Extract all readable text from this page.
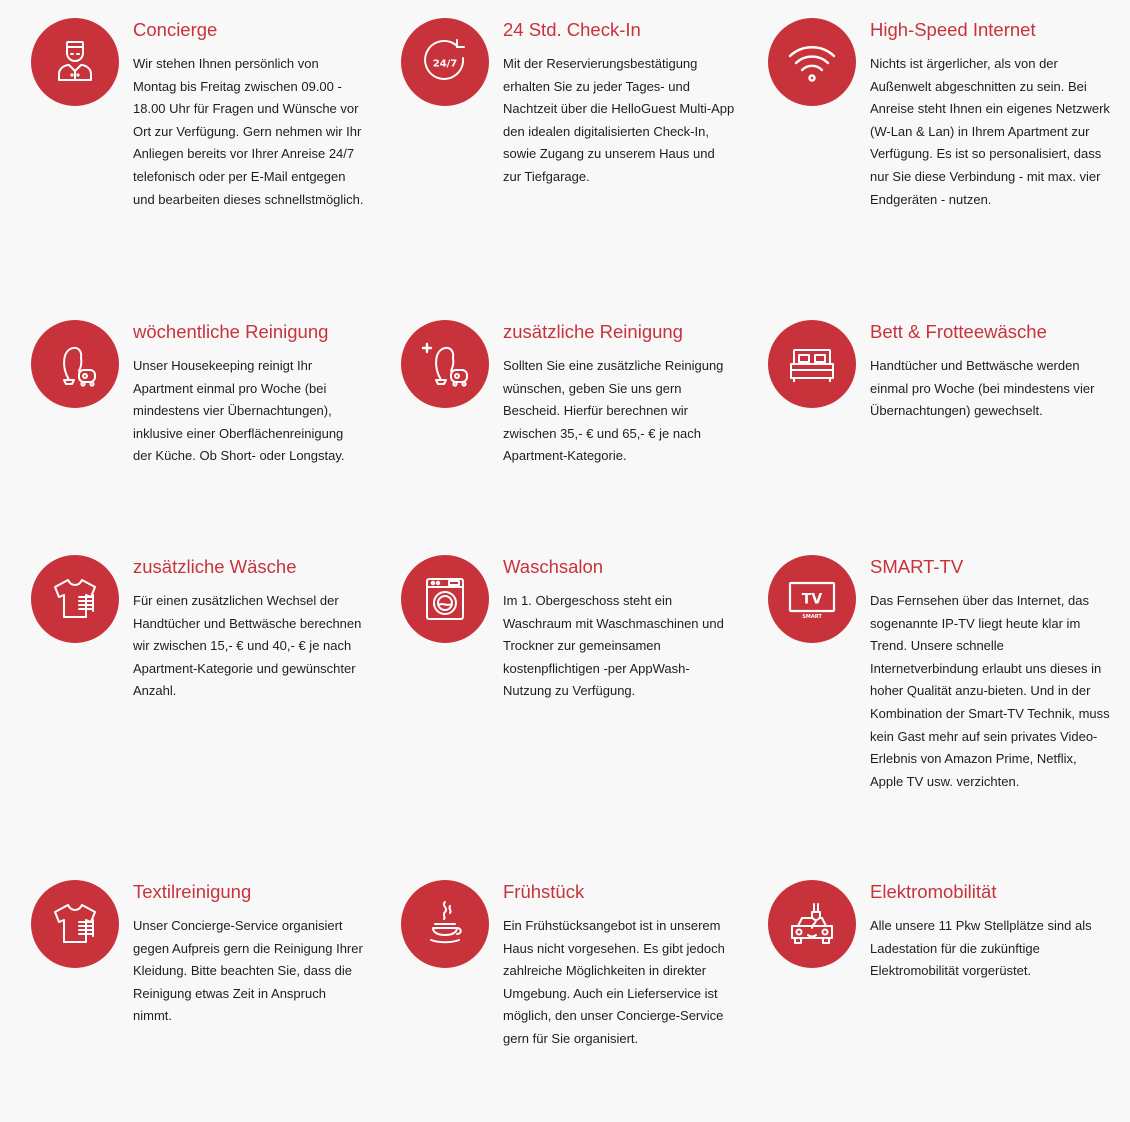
Concierge
Wir stehen Ihnen persönlich von Montag bis Freitag zwischen 09.00 - 18.00 Uhr für Fragen und Wünsche vor Ort zur Verfügung. Gern nehmen wir Ihr Anliegen bereits vor Ihrer Anreise 24/7 telefonisch oder per E-Mail entgegen und bearbeiten dieses schnellstmöglich.
24/7
24 Std. Check-In
Mit der Reservierungsbestätigung erhalten Sie zu jeder Tages- und Nachtzeit über die HelloGuest Multi-App den idealen digitalisierten Check-In, sowie Zugang zu unserem Haus und zur Tiefgarage.
High-Speed Internet
Nichts ist ärgerlicher, als von der Außenwelt abgeschnitten zu sein. Bei Anreise steht Ihnen ein eigenes Netzwerk (W-Lan & Lan) in Ihrem Apartment zur Verfügung. Es ist so personalisiert, dass nur Sie diese Verbindung - mit max. vier Endgeräten - nutzen.
wöchentliche Reinigung
Unser Housekeeping reinigt Ihr Apartment einmal pro Woche (bei mindestens vier Übernachtungen), inklusive einer Oberflächenreinigung der Küche. Ob Short- oder Longstay.
zusätzliche Reinigung
Sollten Sie eine zusätzliche Reinigung wünschen, geben Sie uns gern Bescheid. Hierfür berechnen wir zwischen 35,- € und 65,- € je nach Apartment-Kategorie.
Bett & Frotteewäsche
Handtücher und Bettwäsche werden einmal pro Woche (bei mindestens vier Übernachtungen) gewechselt.
zusätzliche Wäsche
Für einen zusätzlichen Wechsel der Handtücher und Bettwäsche berechnen wir zwischen 15,- € und 40,- € je nach Apartment-Kategorie und gewünschter Anzahl.
Waschsalon
Im 1. Obergeschoss steht ein Waschraum mit Waschmaschinen und Trockner zur gemeinsamen kostenpflichtigen -per AppWash-Nutzung zu Verfügung.
TV
SMART
SMART-TV
Das Fernsehen über das Internet, das sogenannte IP-TV liegt heute klar im Trend. Unsere schnelle Internetverbindung erlaubt uns dieses in hoher Qualität anzu-bieten. Und in der Kombination der Smart-TV Technik, muss kein Gast mehr auf sein privates Video-Erlebnis von Amazon Prime, Netflix, Apple TV usw. verzichten.
Textilreinigung
Unser Concierge-Service organisiert gegen Aufpreis gern die Reinigung Ihrer Kleidung. Bitte beachten Sie, dass die Reinigung etwas Zeit in Anspruch nimmt.
Frühstück
Ein Frühstücksangebot ist in unserem Haus nicht vorgesehen. Es gibt jedoch zahlreiche Möglichkeiten in direkter Umgebung. Auch ein Lieferservice ist möglich, den unser Concierge-Service gern für Sie organisiert.
Elektromobilität
Alle unsere 11 Pkw Stellplätze sind als Ladestation für die zukünftige Elektromobilität vorgerüstet.
